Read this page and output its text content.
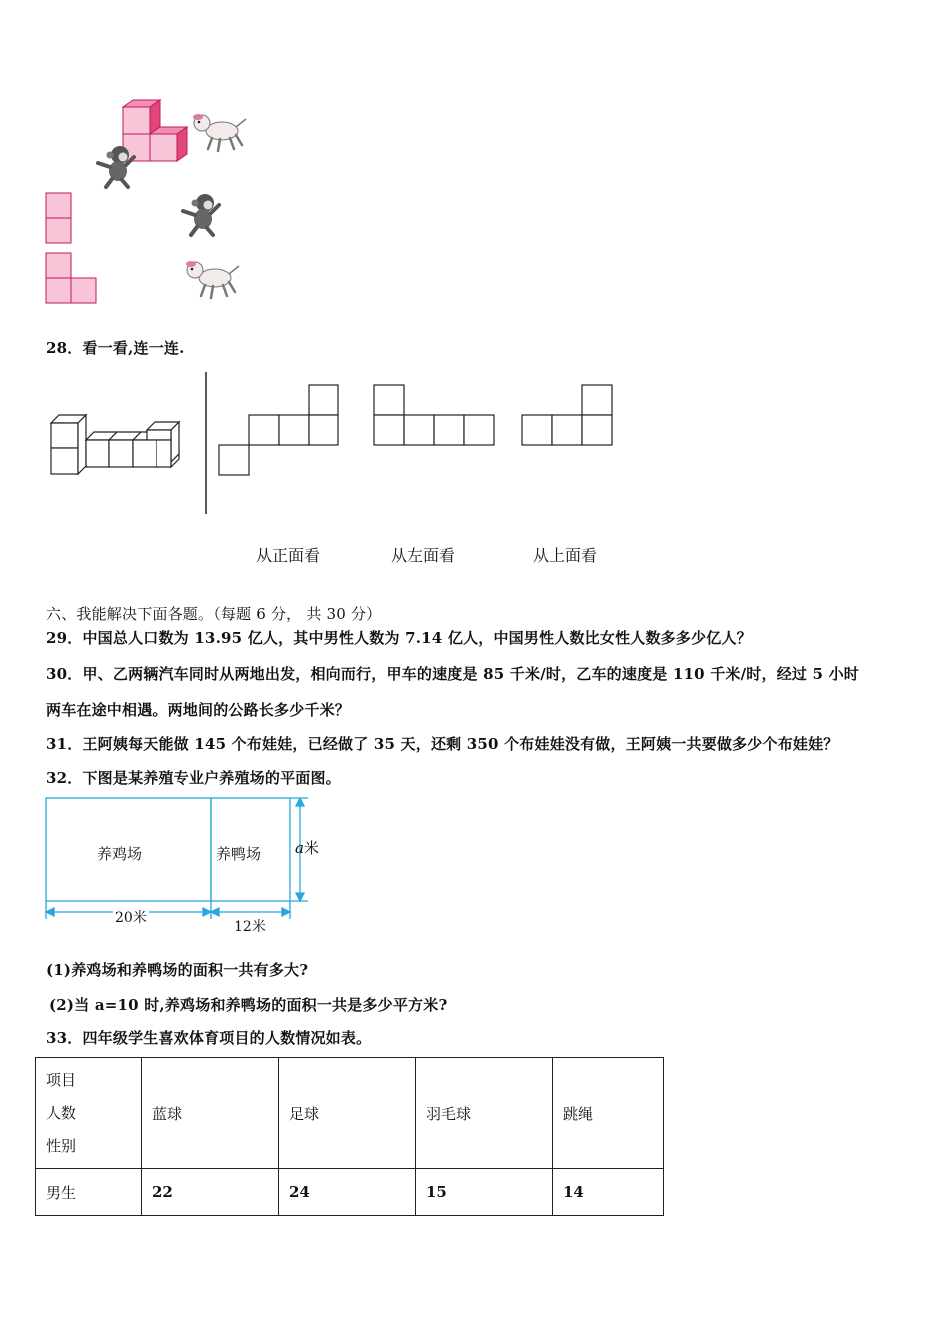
28．看一看,连一连.
从正面看	从左面看	从上面看
六、我能解决下面各题。（每题 6 分， 共 30 分）
29．中国总人口数为 13.95 亿人，其中男性人数为 7.14 亿人，中国男性人数比女性人数多多少亿人？
30．甲、乙两辆汽车同时从两地出发，相向而行，甲车的速度是 85 千米/时，乙车的速度是 110 千米/时，经过 5 小时
两车在途中相遇。两地间的公路长多少千米？
31．王阿姨每天能做 145 个布娃娃，已经做了 35 天，还剩 350 个布娃娃没有做，王阿姨一共要做多少个布娃娃？
32．下图是某养殖专业户养殖场的平面图。
养鸡场	养鸭场 a米
20米
12米
(1)养鸡场和养鸭场的面积一共有多大?
(2)当 a=10 时,养鸡场和养鸭场的面积一共是多少平方米?
33．四年级学生喜欢体育项目的人数情况如表。
项目
人数
性别	蓝球	足球	羽毛球	跳绳
男生	22	24	15	14
